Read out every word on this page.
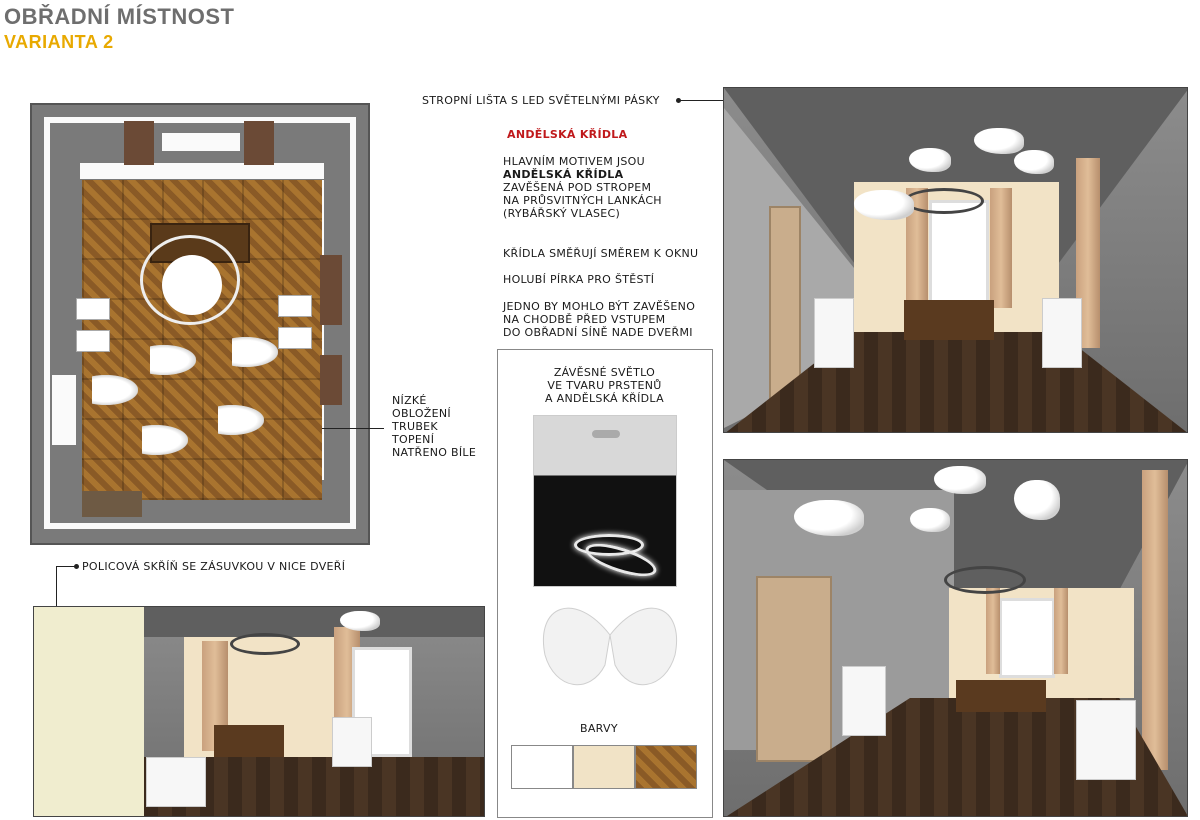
OBŘADNÍ MÍSTNOST
VARIANTA 2
STROPNÍ LIŠTA S LED SVĚTELNÝMI PÁSKY
ANDĚLSKÁ KŘÍDLA
HLAVNÍM MOTIVEM JSOU
ANDĚLSKÁ KŘÍDLA
ZAVĚŠENÁ POD STROPEM
NA PRŮSVITNÝCH LANKÁCH
(RYBÁŘSKÝ VLASEC)
KŘÍDLA SMĚŘUJÍ SMĚREM K OKNU
HOLUBÍ PÍRKA PRO ŠTĚSTÍ
JEDNO BY MOHLO BÝT ZAVĚŠENO
NA CHODBĚ PŘED VSTUPEM
DO OBŘADNÍ SÍNĚ NADE DVEŘMI
NÍZKÉ
OBLOŽENÍ
TRUBEK
TOPENÍ
NATŘENO BÍLE
POLICOVÁ SKŘÍŇ SE ZÁSUVKOU V NICE DVEŘÍ
ZÁVĚSNÉ SVĚTLO
VE TVARU PRSTENŮ
A ANDĚLSKÁ KŘÍDLA
BARVY
